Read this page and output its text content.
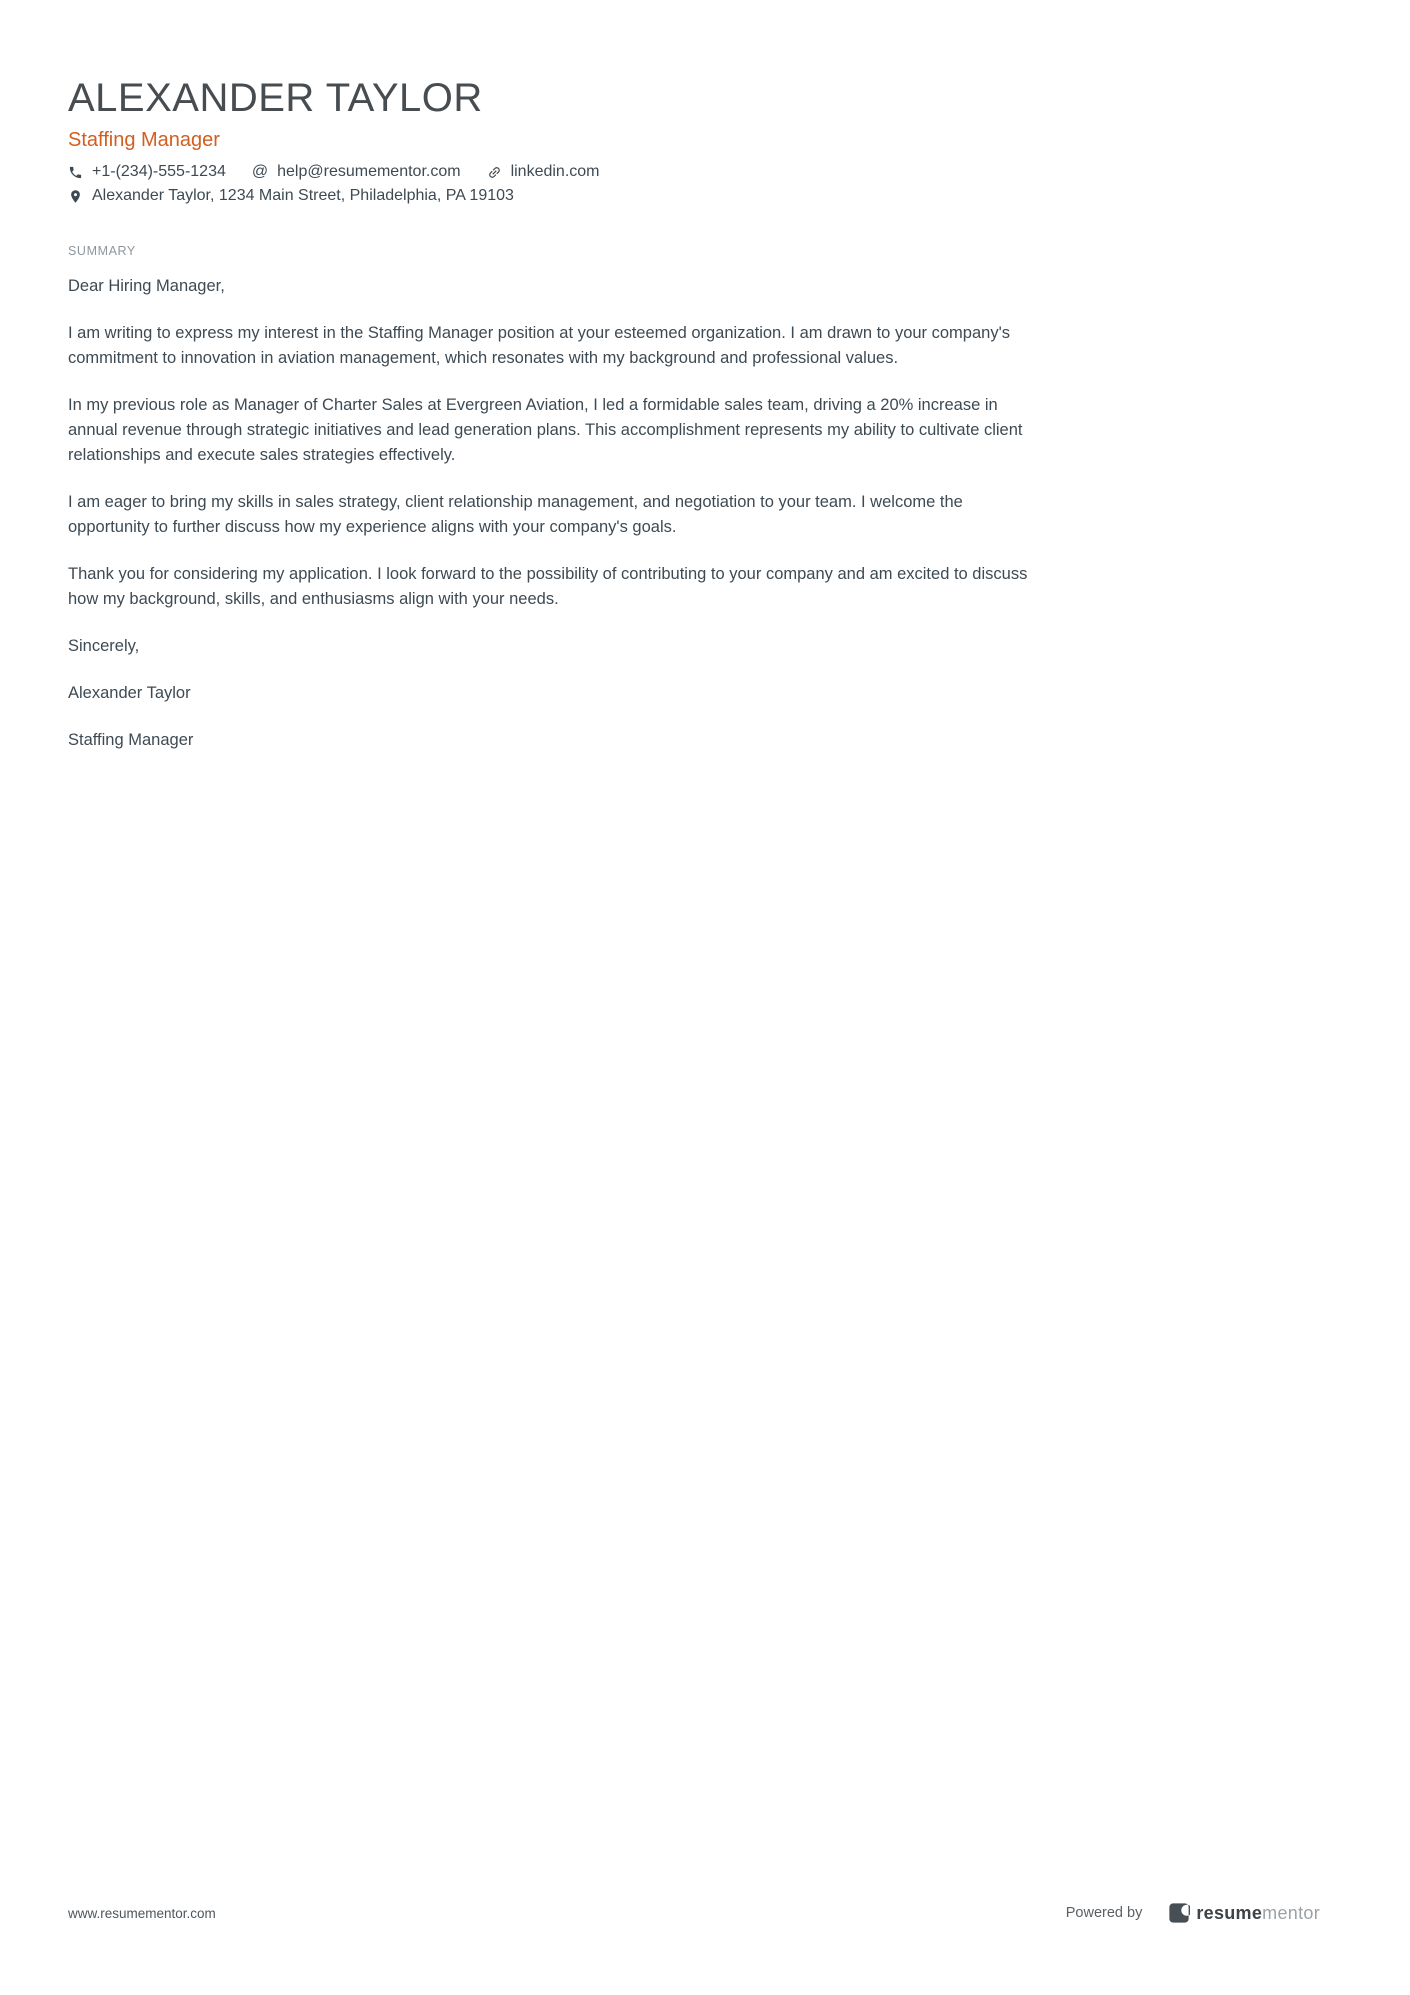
ALEXANDER TAYLOR
Staffing Manager
+1-(234)-555-1234 @ help@resumementor.com	linkedin.com
Alexander Taylor, 1234 Main Street, Philadelphia, PA 19103
SUMMARY

Dear Hiring Manager,

I am writing to express my interest in the Staffing Manager position at your esteemed organization. I am drawn to your company's commitment to innovation in aviation management, which resonates with my background and professional values.

In my previous role as Manager of Charter Sales at Evergreen Aviation, I led a formidable sales team, driving a 20% increase in annual revenue through strategic initiatives and lead generation plans. This accomplishment represents my ability to cultivate client relationships and execute sales strategies effectively.

I am eager to bring my skills in sales strategy, client relationship management, and negotiation to your team. I welcome the opportunity to further discuss how my experience aligns with your company's goals.

Thank you for considering my application. I look forward to the possibility of contributing to your company and am excited to discuss how my background, skills, and enthusiasms align with your needs.

Sincerely,

Alexander Taylor

Staffing Manager

www.resumementor.com	Powered by	resumementor
